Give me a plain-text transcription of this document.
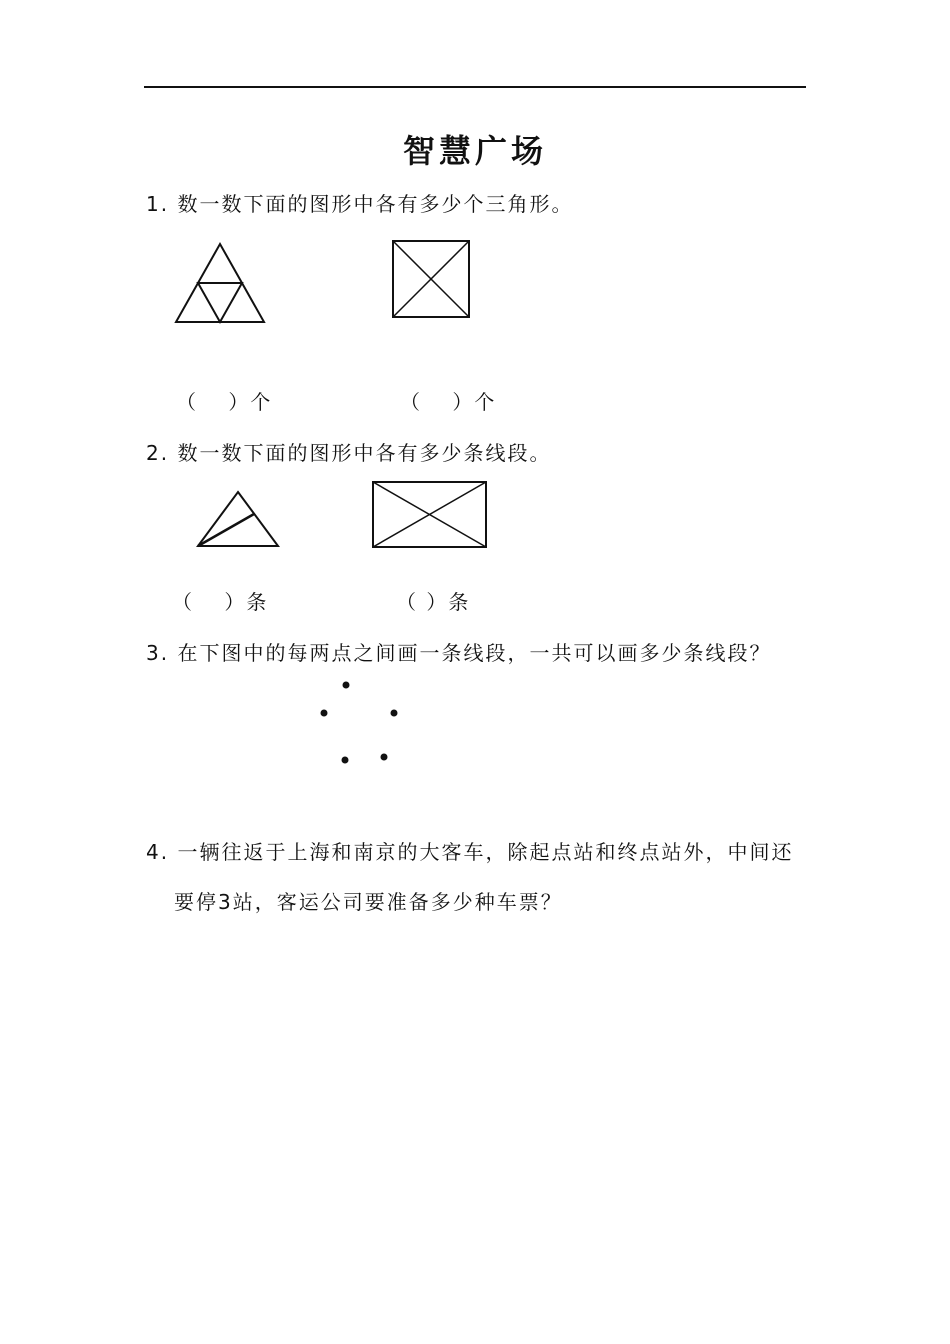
智慧广场
1. 数一数下面的图形中各有多少个三角形。
（　 ）个	（　 ）个
2. 数一数下面的图形中各有多少条线段。
（　 ）条	（ ）条
3. 在下图中的每两点之间画一条线段，一共可以画多少条线段？
4. 一辆往返于上海和南京的大客车，除起点站和终点站外，中间还
要停3站，客运公司要准备多少种车票？
